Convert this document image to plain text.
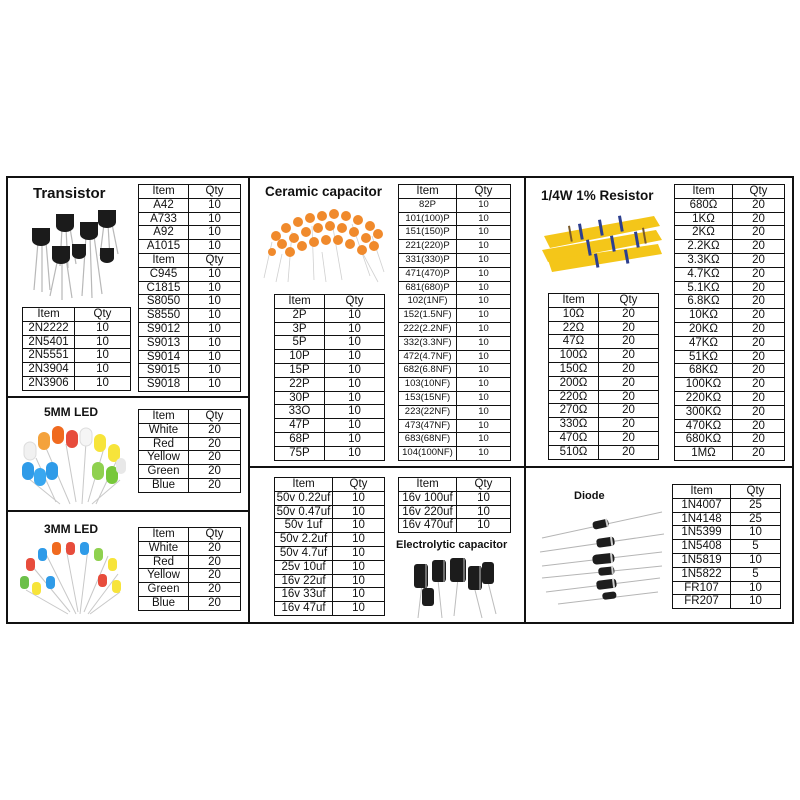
Transistor	Item	Qty
A42	10
A733	10
A92	10
A1015	10
Item	Qty
C945	10
C1815	10
S8050	10
S8550	10
S9012	10
S9013	10
S9014	10
S9015	10
S9018	10
Item	Qty
2N2222	10
2N5401	10
2N5551	10
2N3904	10
2N3906	10
5MM LED	Item	Qty
White	20
Red	20
Yellow	20
Green	20
Blue	20
3MM LED	Item	Qty
White	20
Red	20
Yellow	20
Green	20
Blue	20
Ceramic capacitor	Item	Qty
82P	10
101(100)P	10
151(150)P	10
221(220)P	10
331(330)P	10
471(470)P	10
681(680)P	10
102(1NF)	10
152(1.5NF)	10
222(2.2NF)	10
332(3.3NF)	10
472(4.7NF)	10
682(6.8NF)	10
103(10NF)	10
153(15NF)	10
223(22NF)	10
473(47NF)	10
683(68NF)	10
104(100NF)	10
Item	Qty
2P	10
3P	10
5P	10
10P	10
15P	10
22P	10
30P	10
33O	10
47P	10
68P	10
75P	10
Item	Qty
50v 0.22uf	10
50v 0.47uf	10
50v 1uf	10
50v 2.2uf	10
50v 4.7uf	10
25v 10uf	10
16v 22uf	10
16v 33uf	10
16v 47uf	10
Item	Qty
16v 100uf	10
16v 220uf	10
16v 470uf	10
Electrolytic capacitor
1/4W 1% Resistor
Item	Qty
10Ω	20
22Ω	20
47Ω	20
100Ω	20
150Ω	20
200Ω	20
220Ω	20
270Ω	20
330Ω	20
470Ω	20
510Ω	20
Item	Qty
680Ω	20
1KΩ	20
2KΩ	20
2.2KΩ	20
3.3KΩ	20
4.7KΩ	20
5.1KΩ	20
6.8KΩ	20
10KΩ	20
20KΩ	20
47KΩ	20
51KΩ	20
68KΩ	20
100KΩ	20
220KΩ	20
300KΩ	20
470KΩ	20
680KΩ	20
1MΩ	20
Diode	Item	Qty
1N4007	25
1N4148	25
1N5399	10
1N5408	5
1N5819	10
1N5822	5
FR107	10
FR207	10
